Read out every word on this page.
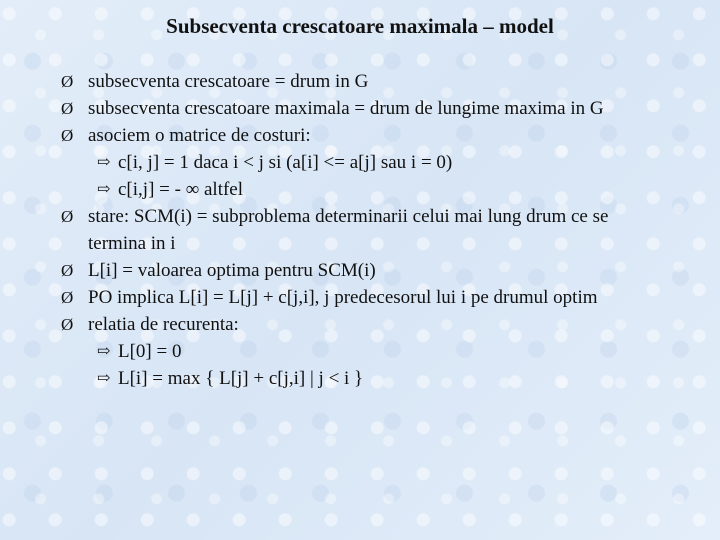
Subsecventa crescatoare maximala – model
Ø subsecventa crescatoare = drum in G
Ø subsecventa crescatoare maximala = drum de lungime maxima in G
Ø asociem o matrice de costuri:
⇨ c[i, j] = 1 daca i < j si (a[i] <= a[j] sau i = 0)
⇨ c[i,j] = - ∞ altfel
Ø stare: SCM(i) = subproblema determinarii celui mai lung drum ce se termina in i
Ø L[i] = valoarea optima pentru SCM(i)
Ø PO implica L[i] = L[j] + c[j,i], j predecesorul lui i pe drumul optim
Ø relatia de recurenta:
⇨ L[0] = 0
⇨ L[i] = max { L[j] + c[j,i] | j < i }
